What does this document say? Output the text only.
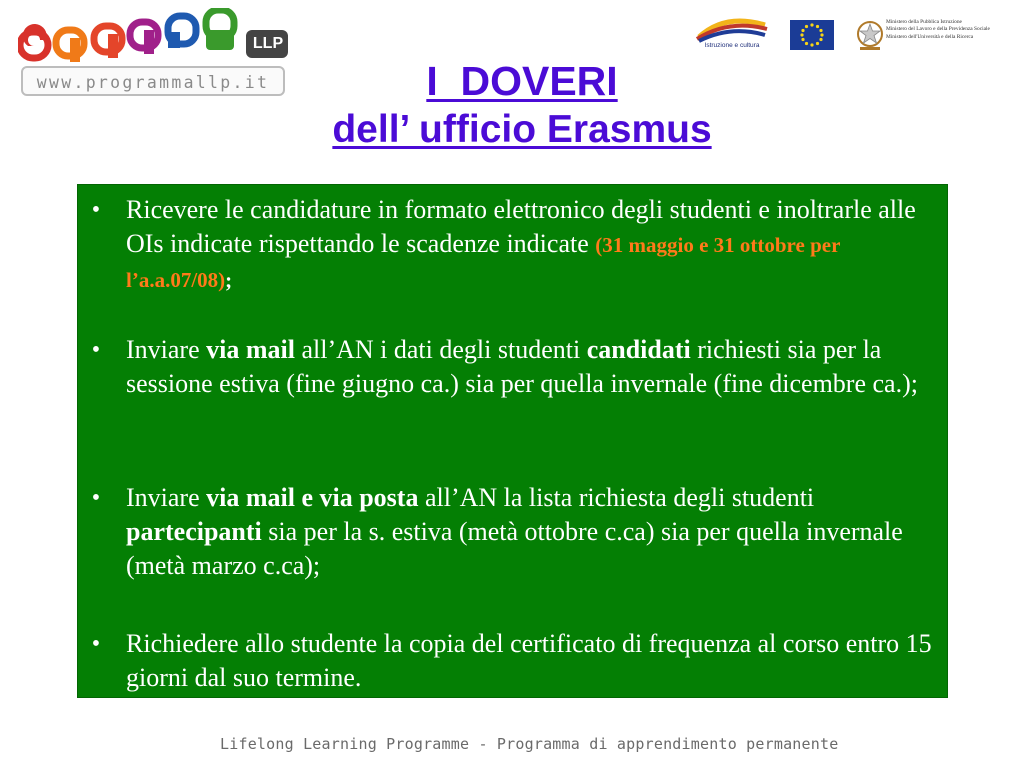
LLP
www.programmallp.it
Istruzione e cultura
Ministero della Pubblica Istruzione
Ministero del Lavoro e della Previdenza Sociale
Ministero dell'Università e della Ricerca
I  DOVERI
dell’ ufficio Erasmus
• Ricevere le candidature in formato elettronico degli studenti e inoltrarle alle OIs indicate rispettando le scadenze indicate (31 maggio e 31 ottobre per l’a.a.07/08);
• Inviare via mail all’AN i dati degli studenti candidati richiesti sia per la sessione estiva (fine giugno ca.) sia per quella invernale (fine dicembre ca.);
• Inviare via mail e via posta all’AN la lista richiesta degli studenti partecipanti sia per la s. estiva (metà ottobre c.ca) sia per quella invernale (metà marzo c.ca);
• Richiedere allo studente la copia del certificato di frequenza al corso entro 15 giorni dal suo termine.
Lifelong Learning Programme - Programma di apprendimento permanente
